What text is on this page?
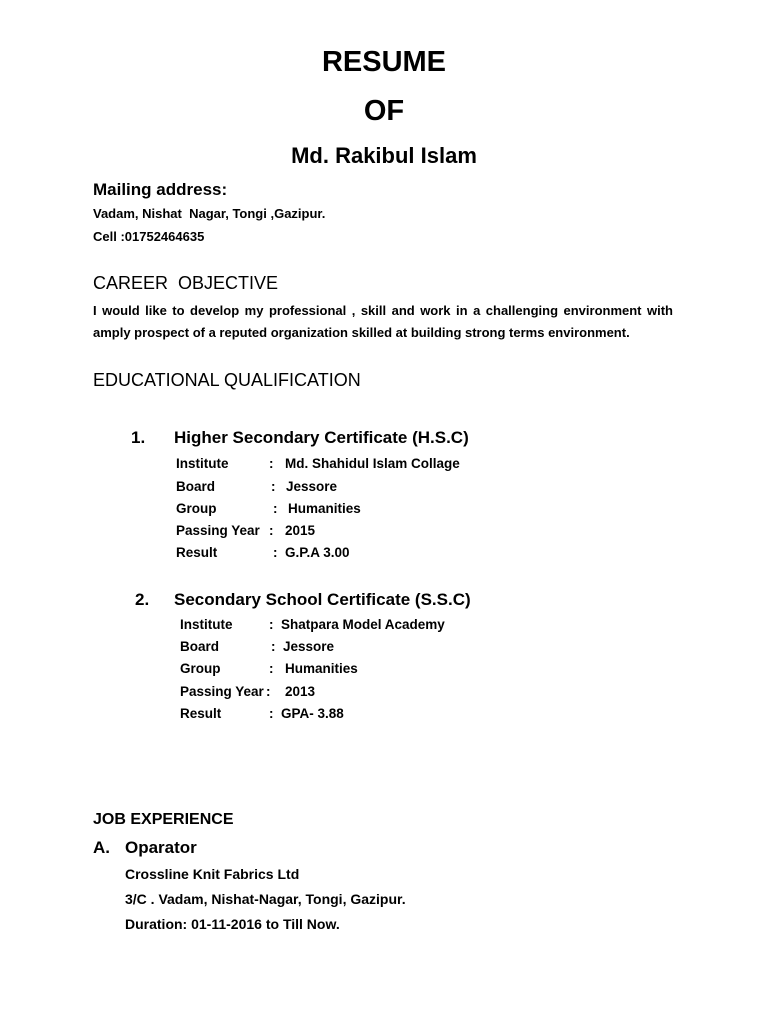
RESUME
OF
Md. Rakibul Islam
Mailing address:
Vadam, Nishat  Nagar, Tongi ,Gazipur.
Cell :01752464635
CAREER  OBJECTIVE
I would like to develop my professional , skill and work in a challenging environment with amply prospect of a reputed organization skilled at building strong terms environment.
EDUCATIONAL QUALIFICATION
1. Higher Secondary Certificate (H.S.C)
Institute	: Md. Shahidul Islam Collage
Board	: Jessore
Group	: Humanities
Passing Year : 2015
Result	: G.P.A 3.00
2. Secondary School Certificate (S.S.C)
Institute	: Shatpara Model Academy
Board	: Jessore
Group	: Humanities
Passing Year : 2013
Result	: GPA- 3.88
JOB EXPERIENCE
A. Oparator
Crossline Knit Fabrics Ltd
3/C . Vadam, Nishat-Nagar, Tongi, Gazipur.
Duration: 01-11-2016 to Till Now.
